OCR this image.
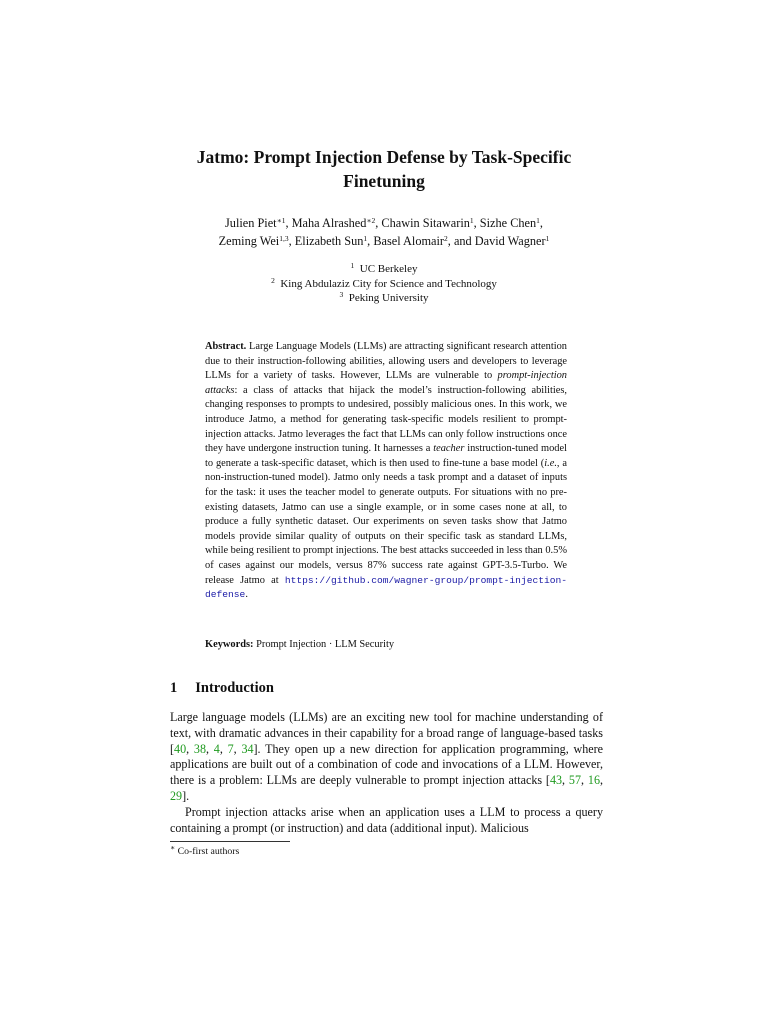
Jatmo: Prompt Injection Defense by Task-Specific
Finetuning
Julien Piet$^{∗1}$, Maha Alrashed$^{∗2}$, Chawin Sitawarin$^1$, Sizhe Chen$^1$,
Zeming Wei$^{1,3}$, Elizabeth Sun$^1$, Basel Alomair$^2$, and David Wagner$^1$
$^1$ UC Berkeley
$^2$ King Abdulaziz City for Science and Technology
$^3$ Peking University
Abstract. Large Language Models (LLMs) are attracting significant research attention due to their instruction-following abilities, allowing users and developers to leverage LLMs for a variety of tasks. However, LLMs are vulnerable to prompt-injection attacks: a class of attacks that hijack the model’s instruction-following abilities, changing responses to prompts to undesired, possibly malicious ones. In this work, we introduce Jatmo, a method for generating task-specific models resilient to prompt-injection attacks. Jatmo leverages the fact that LLMs can only follow instructions once they have undergone instruction tuning. It harnesses a teacher instruction-tuned model to generate a task-specific dataset, which is then used to fine-tune a base model (i.e., a non-instruction-tuned model). Jatmo only needs a task prompt and a dataset of inputs for the task: it uses the teacher model to generate outputs. For situations with no pre-existing datasets, Jatmo can use a single example, or in some cases none at all, to produce a fully synthetic dataset. Our experiments on seven tasks show that Jatmo models provide similar quality of outputs on their specific task as standard LLMs, while being resilient to prompt injections. The best attacks succeeded in less than 0.5% of cases against our models, versus 87% success rate against GPT-3.5-Turbo. We release Jatmo at https://github.com/wagner-group/prompt-injection-defense.
Keywords: Prompt Injection · LLM Security
1 Introduction

Large language models (LLMs) are an exciting new tool for machine understanding of text, with dramatic advances in their capability for a broad range of language-based tasks [40, 38, 4, 7, 34]. They open up a new direction for application programming, where applications are built out of a combination of code and invocations of a LLM. However, there is a problem: LLMs are deeply vulnerable to prompt injection attacks [43, 57, 16, 29].

Prompt injection attacks arise when an application uses a LLM to process a query containing a prompt (or instruction) and data (additional input). Malicious

∗ Co-first authors
